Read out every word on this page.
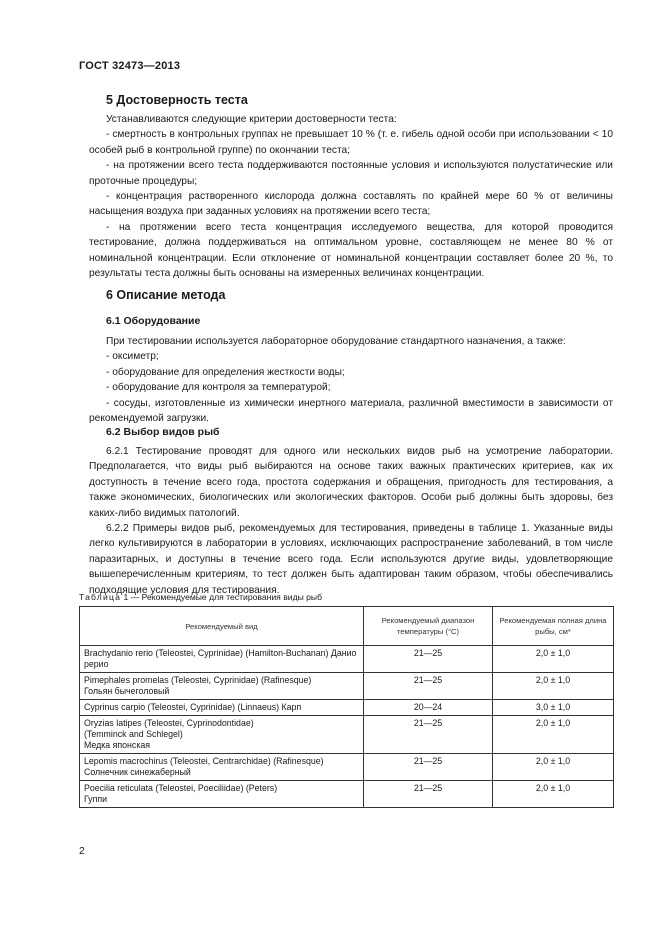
ГОСТ 32473—2013
5 Достоверность теста

Устанавливаются следующие критерии достоверности теста:

- смертность в контрольных группах не превышает 10 % (т. е. гибель одной особи при использовании < 10 особей рыб в контрольной группе) по окончании теста;

- на протяжении всего теста поддерживаются постоянные условия и используются полустатические или проточные процедуры;

- концентрация растворенного кислорода должна составлять по крайней мере 60 % от величины насыщения воздуха при заданных условиях на протяжении всего теста;

- на протяжении всего теста концентрация исследуемого вещества, для которой проводится тестирование, должна поддерживаться на оптимальном уровне, составляющем не менее 80 % от номинальной концентрации. Если отклонение от номинальной концентрации составляет более 20 %, то результаты теста должны быть основаны на измеренных величинах концентрации.

6 Описание метода
6.1 Оборудование

При тестировании используется лабораторное оборудование стандартного назначения, а также:

- оксиметр;

- оборудование для определения жесткости воды;

- оборудование для контроля за температурой;

- сосуды, изготовленные из химически инертного материала, различной вместимости в зависимости от рекомендуемой загрузки.

6.2 Выбор видов рыб

6.2.1 Тестирование проводят для одного или нескольких видов рыб на усмотрение лаборатории. Предполагается, что виды рыб выбираются на основе таких важных практических критериев, как их доступность в течение всего года, простота содержания и обращения, пригодность для тестирования, а также экономических, биологических или экологических факторов. Особи рыб должны быть здоровы, без каких-либо видимых патологий.

6.2.2 Примеры видов рыб, рекомендуемых для тестирования, приведены в таблице 1. Указанные виды легко культивируются в лаборатории в условиях, исключающих распространение заболеваний, в том числе паразитарных, и доступны в течение всего года. Если используются другие виды, удовлетворяющие вышеперечисленным критериям, то тест должен быть адаптирован таким образом, чтобы обеспечивались подходящие условия для тестирования.

Таблица 1 — Рекомендуемые для тестирования виды рыб
Рекомендуемый вид	Рекомендуемый диапазон температуры (°С)	Рекомендуемая полная длина рыбы, см*
Brachydanio rerio (Teleostei, Cyprinidae) (Hamilton-Buchanan) Данио рерио	21—25	2,0 ± 1,0
Pimephales promelas (Teleostei, Cyprinidae) (Rafinesque)
Гольян бычеголовый	21—25	2,0 ± 1,0
Cyprinus carpio (Teleostei, Cyprinidae) (Linnaeus) Карп	20—24	3,0 ± 1,0
Oryzias latipes (Teleostei, Cyprinodontidae)
(Temminck and Schlegel)
Медка японская	21—25	2,0 ± 1,0
Lepomis macrochirus (Teleostei, Centrarchidae) (Rafinesque)
Солнечник синежаберный	21—25	2,0 ± 1,0
Poecilia reticulata (Teleostei, Poeciliidae) (Peters)
Гуппи	21—25	2,0 ± 1,0
2
